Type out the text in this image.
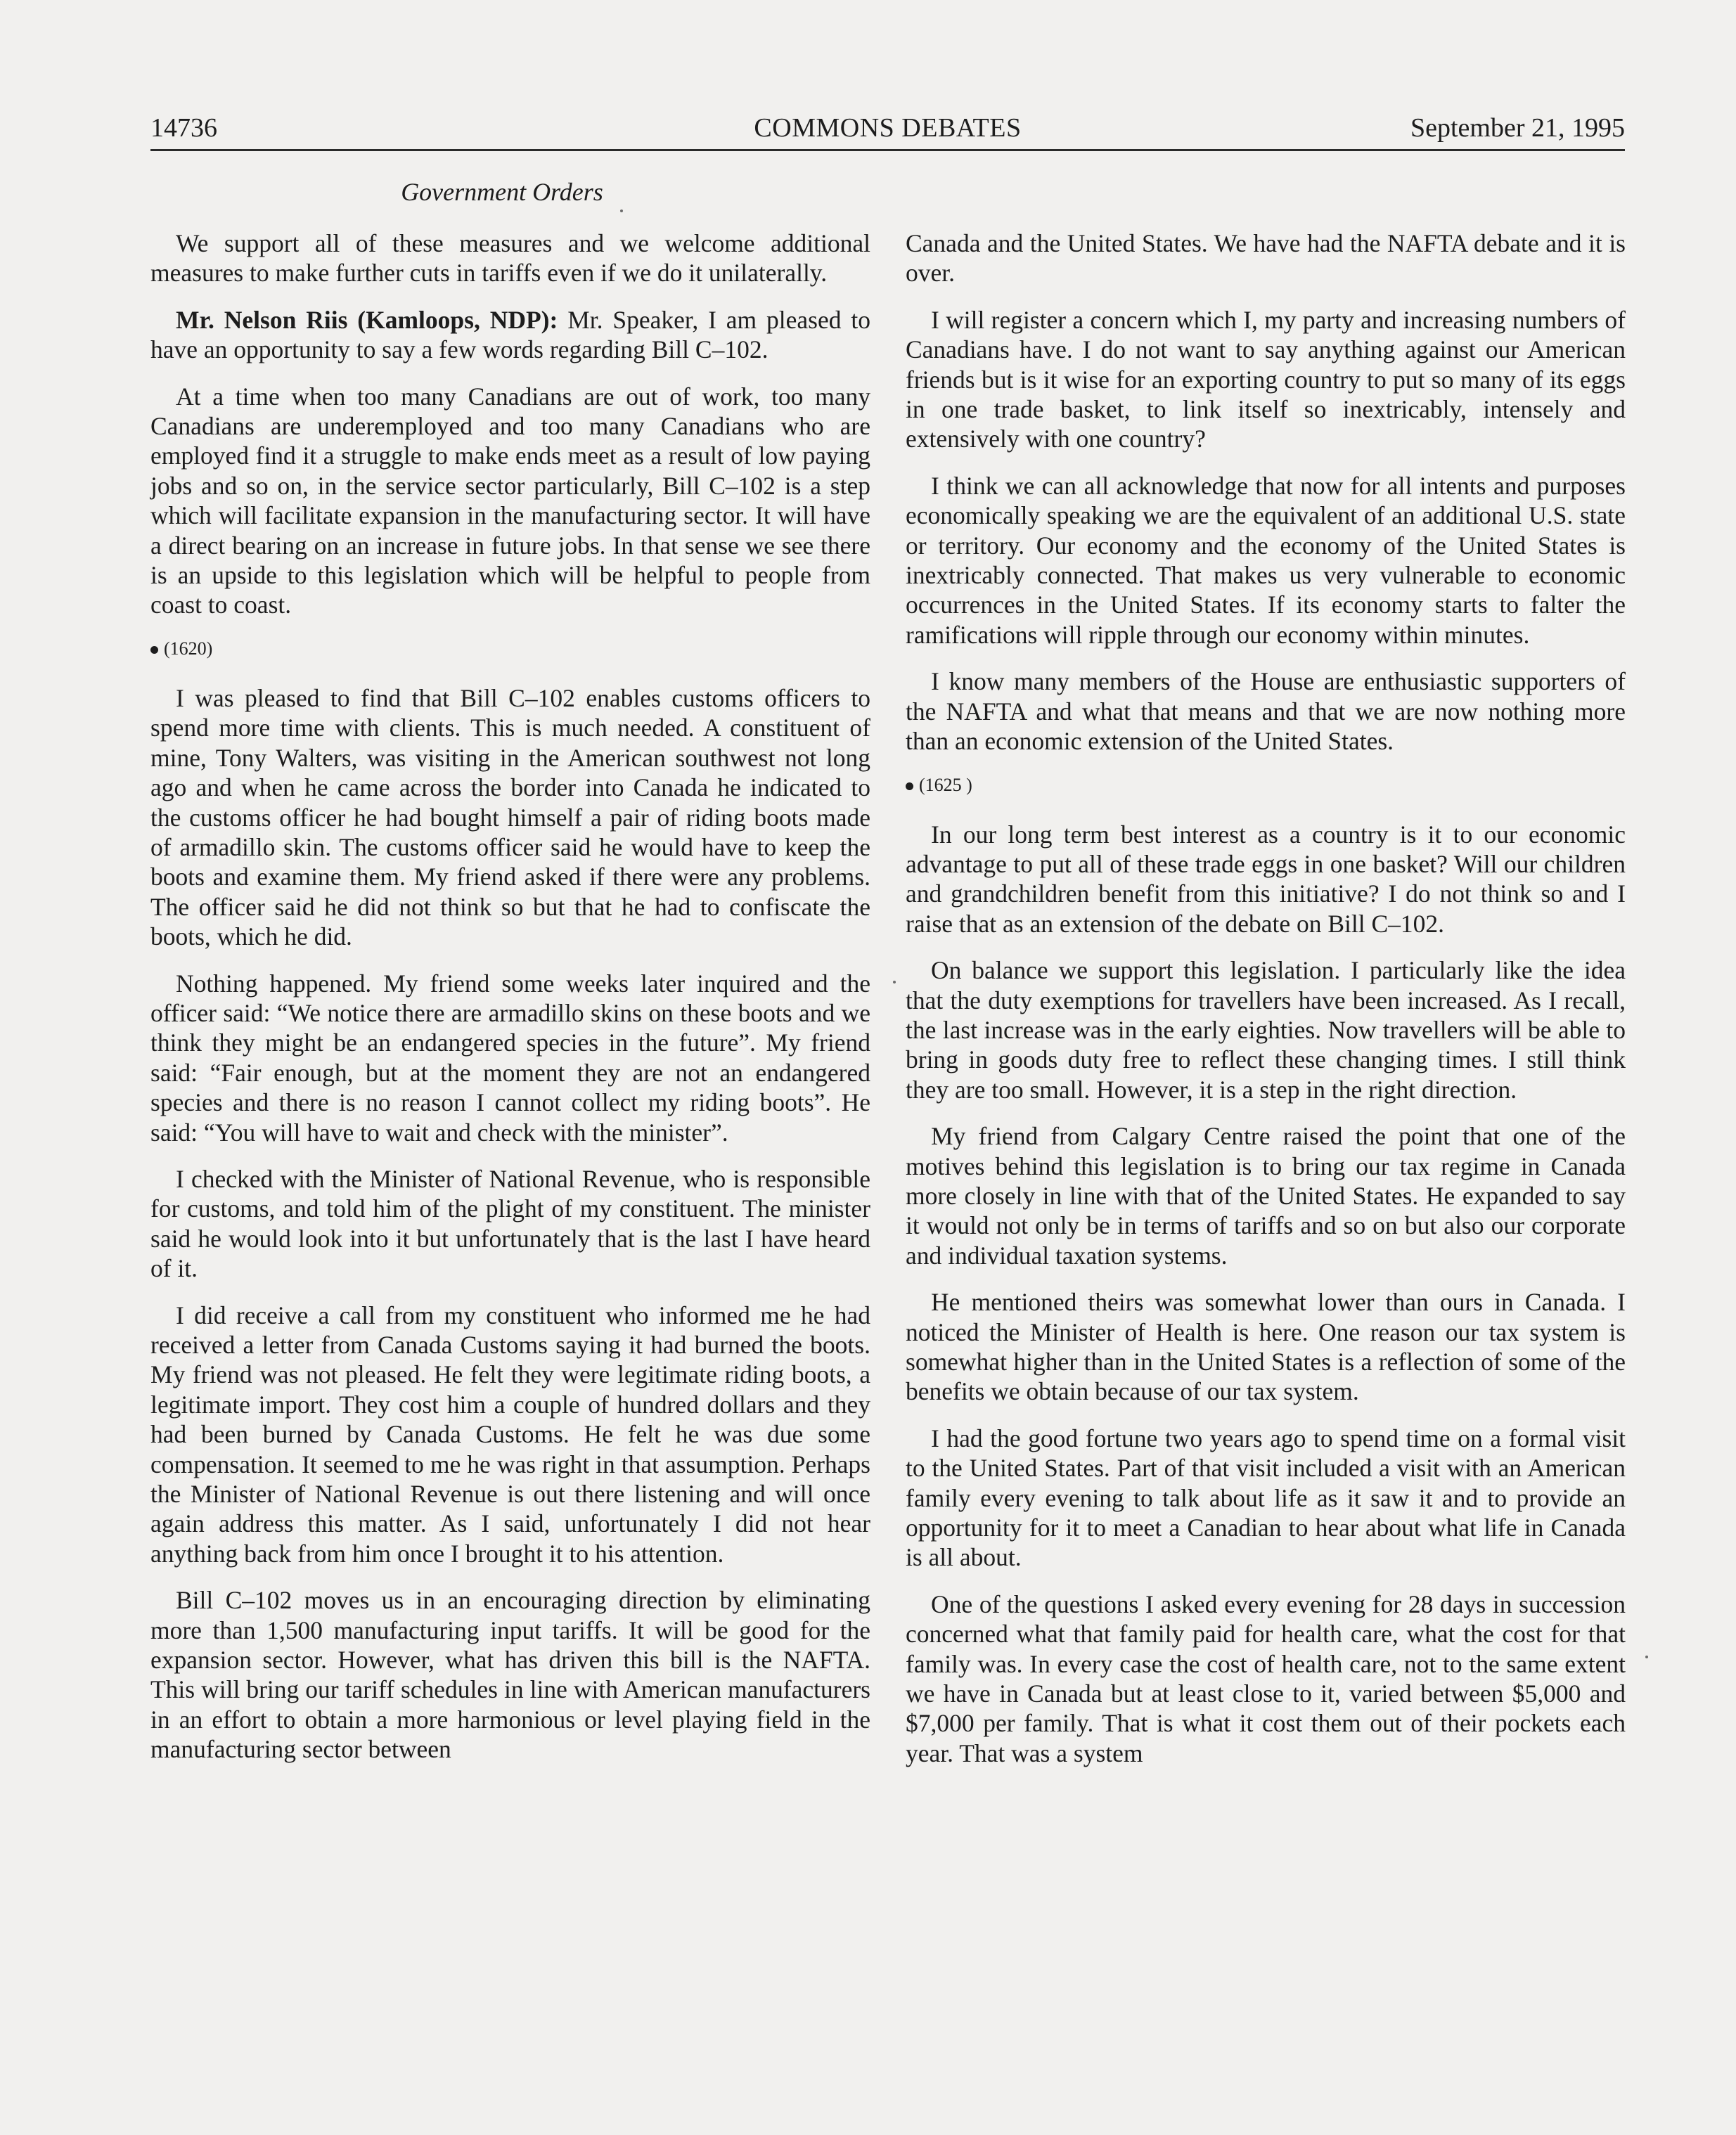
14736	COMMONS DEBATES	September 21, 1995
Government Orders

We support all of these measures and we welcome additional measures to make further cuts in tariffs even if we do it unilaterally.

Mr. Nelson Riis (Kamloops, NDP): Mr. Speaker, I am pleased to have an opportunity to say a few words regarding Bill C–102.

At a time when too many Canadians are out of work, too many Canadians are underemployed and too many Canadians who are employed find it a struggle to make ends meet as a result of low paying jobs and so on, in the service sector particularly, Bill C–102 is a step which will facilitate expansion in the manufacturing sector. It will have a direct bearing on an increase in future jobs. In that sense we see there is an upside to this legislation which will be helpful to people from coast to coast.

(1620)

I was pleased to find that Bill C–102 enables customs officers to spend more time with clients. This is much needed. A constituent of mine, Tony Walters, was visiting in the American southwest not long ago and when he came across the border into Canada he indicated to the customs officer he had bought himself a pair of riding boots made of armadillo skin. The customs officer said he would have to keep the boots and examine them. My friend asked if there were any problems. The officer said he did not think so but that he had to confiscate the boots, which he did.

Nothing happened. My friend some weeks later inquired and the officer said: “We notice there are armadillo skins on these boots and we think they might be an endangered species in the future”. My friend said: “Fair enough, but at the moment they are not an endangered species and there is no reason I cannot collect my riding boots”. He said: “You will have to wait and check with the minister”.

I checked with the Minister of National Revenue, who is responsible for customs, and told him of the plight of my constituent. The minister said he would look into it but unfortunately that is the last I have heard of it.

I did receive a call from my constituent who informed me he had received a letter from Canada Customs saying it had burned the boots. My friend was not pleased. He felt they were legitimate riding boots, a legitimate import. They cost him a couple of hundred dollars and they had been burned by Canada Customs. He felt he was due some compensation. It seemed to me he was right in that assumption. Perhaps the Minister of National Revenue is out there listening and will once again address this matter. As I said, unfortunately I did not hear anything back from him once I brought it to his attention.

Bill C–102 moves us in an encouraging direction by eliminating more than 1,500 manufacturing input tariffs. It will be good for the expansion sector. However, what has driven this bill is the NAFTA. This will bring our tariff schedules in line with American manufacturers in an effort to obtain a more harmonious or level playing field in the manufacturing sector between

Canada and the United States. We have had the NAFTA debate and it is over.

I will register a concern which I, my party and increasing numbers of Canadians have. I do not want to say anything against our American friends but is it wise for an exporting country to put so many of its eggs in one trade basket, to link itself so inextricably, intensely and extensively with one country?

I think we can all acknowledge that now for all intents and purposes economically speaking we are the equivalent of an additional U.S. state or territory. Our economy and the economy of the United States is inextricably connected. That makes us very vulnerable to economic occurrences in the United States. If its economy starts to falter the ramifications will ripple through our economy within minutes.

I know many members of the House are enthusiastic supporters of the NAFTA and what that means and that we are now nothing more than an economic extension of the United States.

(1625 )

In our long term best interest as a country is it to our economic advantage to put all of these trade eggs in one basket? Will our children and grandchildren benefit from this initiative? I do not think so and I raise that as an extension of the debate on Bill C–102.

On balance we support this legislation. I particularly like the idea that the duty exemptions for travellers have been increased. As I recall, the last increase was in the early eighties. Now travellers will be able to bring in goods duty free to reflect these changing times. I still think they are too small. However, it is a step in the right direction.

My friend from Calgary Centre raised the point that one of the motives behind this legislation is to bring our tax regime in Canada more closely in line with that of the United States. He expanded to say it would not only be in terms of tariffs and so on but also our corporate and individual taxation systems.

He mentioned theirs was somewhat lower than ours in Canada. I noticed the Minister of Health is here. One reason our tax system is somewhat higher than in the United States is a reflection of some of the benefits we obtain because of our tax system.

I had the good fortune two years ago to spend time on a formal visit to the United States. Part of that visit included a visit with an American family every evening to talk about life as it saw it and to provide an opportunity for it to meet a Canadian to hear about what life in Canada is all about.

One of the questions I asked every evening for 28 days in succession concerned what that family paid for health care, what the cost for that family was. In every case the cost of health care, not to the same extent we have in Canada but at least close to it, varied between $5,000 and $7,000 per family. That is what it cost them out of their pockets each year. That was a system
